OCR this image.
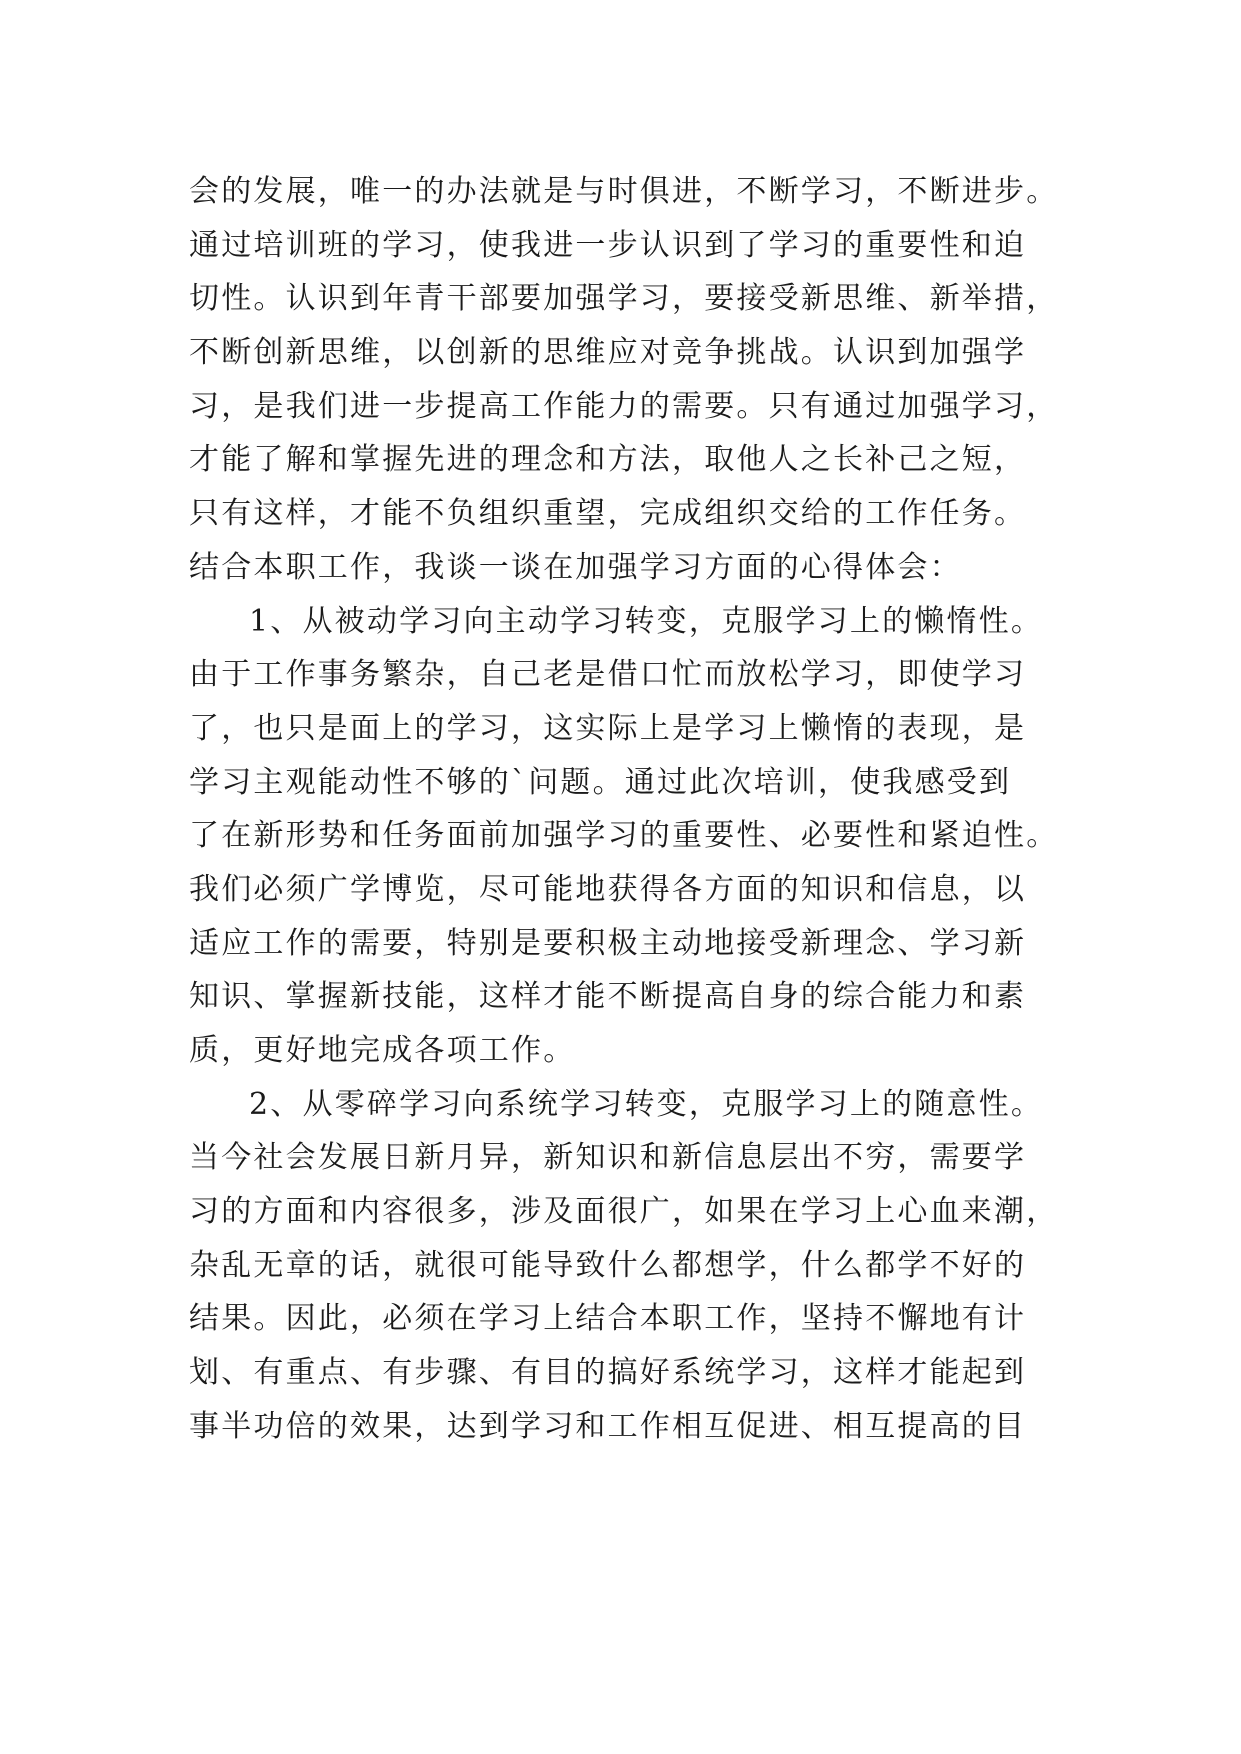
会的发展，唯一的办法就是与时俱进，不断学习，不断进步。
通过培训班的学习，使我进一步认识到了学习的重要性和迫
切性。认识到年青干部要加强学习，要接受新思维、新举措，
不断创新思维，以创新的思维应对竞争挑战。认识到加强学
习，是我们进一步提高工作能力的需要。只有通过加强学习，
才能了解和掌握先进的理念和方法，取他人之长补己之短，
只有这样，才能不负组织重望，完成组织交给的工作任务。
结合本职工作，我谈一谈在加强学习方面的心得体会：
1、从被动学习向主动学习转变，克服学习上的懒惰性。
由于工作事务繁杂，自己老是借口忙而放松学习，即使学习
了，也只是面上的学习，这实际上是学习上懒惰的表现，是
学习主观能动性不够的`问题。通过此次培训，使我感受到
了在新形势和任务面前加强学习的重要性、必要性和紧迫性。
我们必须广学博览，尽可能地获得各方面的知识和信息，以
适应工作的需要，特别是要积极主动地接受新理念、学习新
知识、掌握新技能，这样才能不断提高自身的综合能力和素
质，更好地完成各项工作。
2、从零碎学习向系统学习转变，克服学习上的随意性。
当今社会发展日新月异，新知识和新信息层出不穷，需要学
习的方面和内容很多，涉及面很广，如果在学习上心血来潮，
杂乱无章的话，就很可能导致什么都想学，什么都学不好的
结果。因此，必须在学习上结合本职工作，坚持不懈地有计
划、有重点、有步骤、有目的搞好系统学习，这样才能起到
事半功倍的效果，达到学习和工作相互促进、相互提高的目
